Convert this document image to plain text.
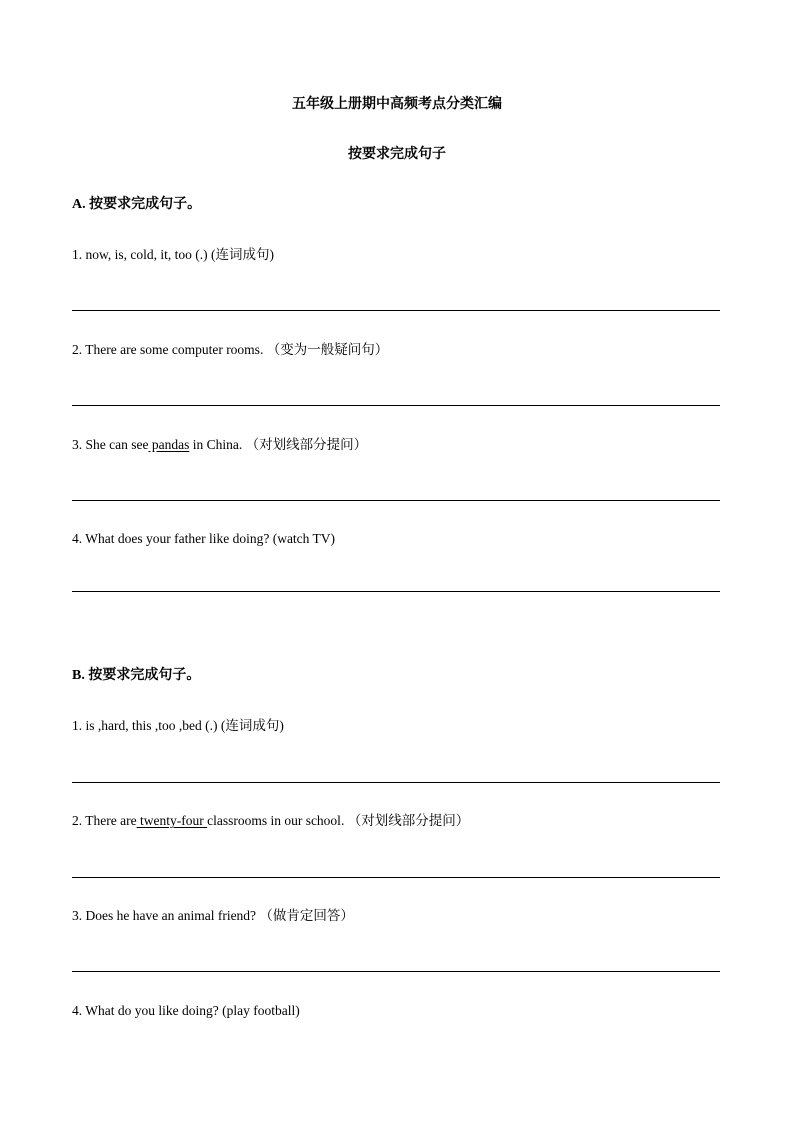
五年级上册期中高频考点分类汇编
按要求完成句子
A. 按要求完成句子。
1. now, is, cold, it, too (.) (连词成句)
2. There are some computer rooms. （变为一般疑问句）
3. She can see pandas in China. （对划线部分提问）
4. What does your father like doing? (watch TV)
B. 按要求完成句子。
1. is ,hard, this ,too ,bed (.) (连词成句)
2. There are twenty-four classrooms in our school. （对划线部分提问）
3. Does he have an animal friend? （做肯定回答）
4. What do you like doing? (play football)
